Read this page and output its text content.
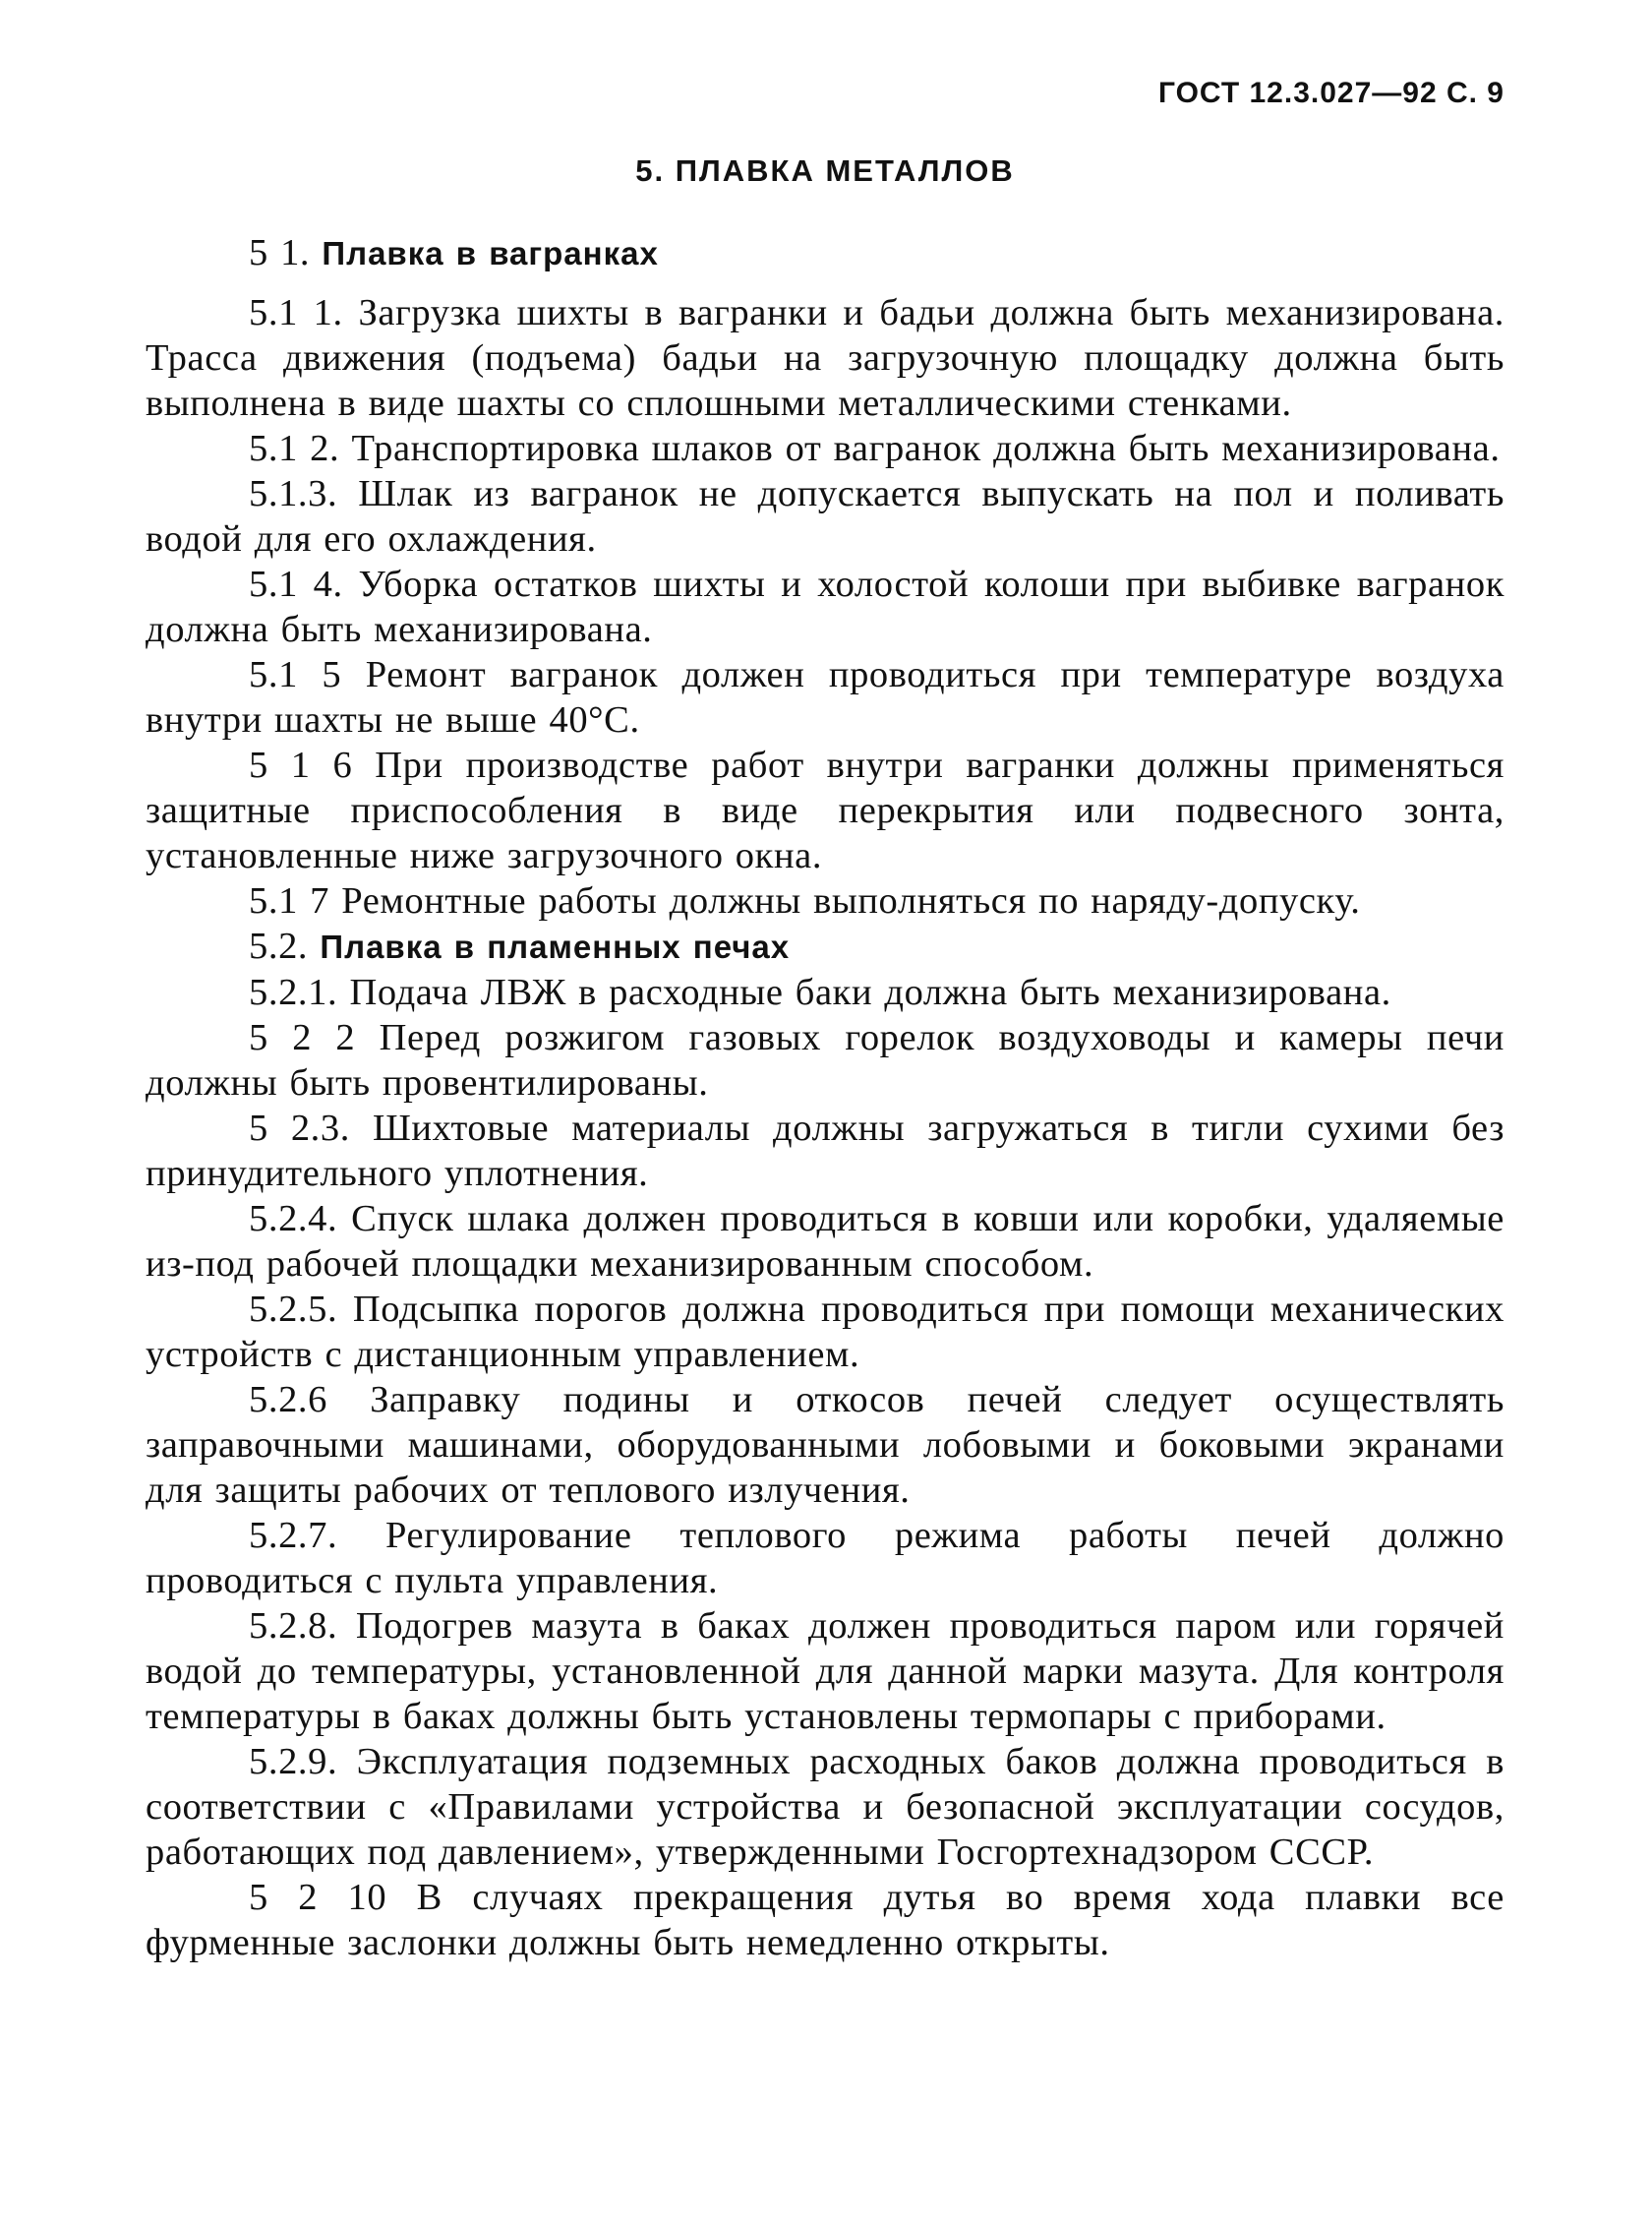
ГОСТ 12.3.027—92 С. 9
5. ПЛАВКА МЕТАЛЛОВ

5 1. Плавка в вагранках

5.1 1. Загрузка шихты в вагранки и бадьи должна быть механизирована. Трасса движения (подъема) бадьи на загрузочную площадку должна быть выполнена в виде шахты со сплошными металлическими стенками.

5.1 2. Транспортировка шлаков от вагранок должна быть механизирована.

5.1.3. Шлак из вагранок не допускается выпускать на пол и поливать водой для его охлаждения.

5.1 4. Уборка остатков шихты и холостой колоши при выбивке вагранок должна быть механизирована.

5.1 5 Ремонт вагранок должен проводиться при температуре воздуха внутри шахты не выше 40°С.

5 1 6 При производстве работ внутри вагранки должны применяться защитные приспособления в виде перекрытия или подвесного зонта, установленные ниже загрузочного окна.

5.1 7 Ремонтные работы должны выполняться по наряду-допуску.

5.2. Плавка в пламенных печах

5.2.1. Подача ЛВЖ в расходные баки должна быть механизирована.

5 2 2 Перед розжигом газовых горелок воздуховоды и камеры печи должны быть провентилированы.

5 2.3. Шихтовые материалы должны загружаться в тигли сухими без принудительного уплотнения.

5.2.4. Спуск шлака должен проводиться в ковши или коробки, удаляемые из-под рабочей площадки механизированным способом.

5.2.5. Подсыпка порогов должна проводиться при помощи механических устройств с дистанционным управлением.

5.2.6 Заправку подины и откосов печей следует осуществлять заправочными машинами, оборудованными лобовыми и боковыми экранами для защиты рабочих от теплового излучения.

5.2.7. Регулирование теплового режима работы печей должно проводиться с пульта управления.

5.2.8. Подогрев мазута в баках должен проводиться паром или горячей водой до температуры, установленной для данной марки мазута. Для контроля температуры в баках должны быть установлены термопары с приборами.

5.2.9. Эксплуатация подземных расходных баков должна проводиться в соответствии с «Правилами устройства и безопасной эксплуатации сосудов, работающих под давлением», утвержденными Госгортехнадзором СССР.

5 2 10 В случаях прекращения дутья во время хода плавки все фурменные заслонки должны быть немедленно открыты.
